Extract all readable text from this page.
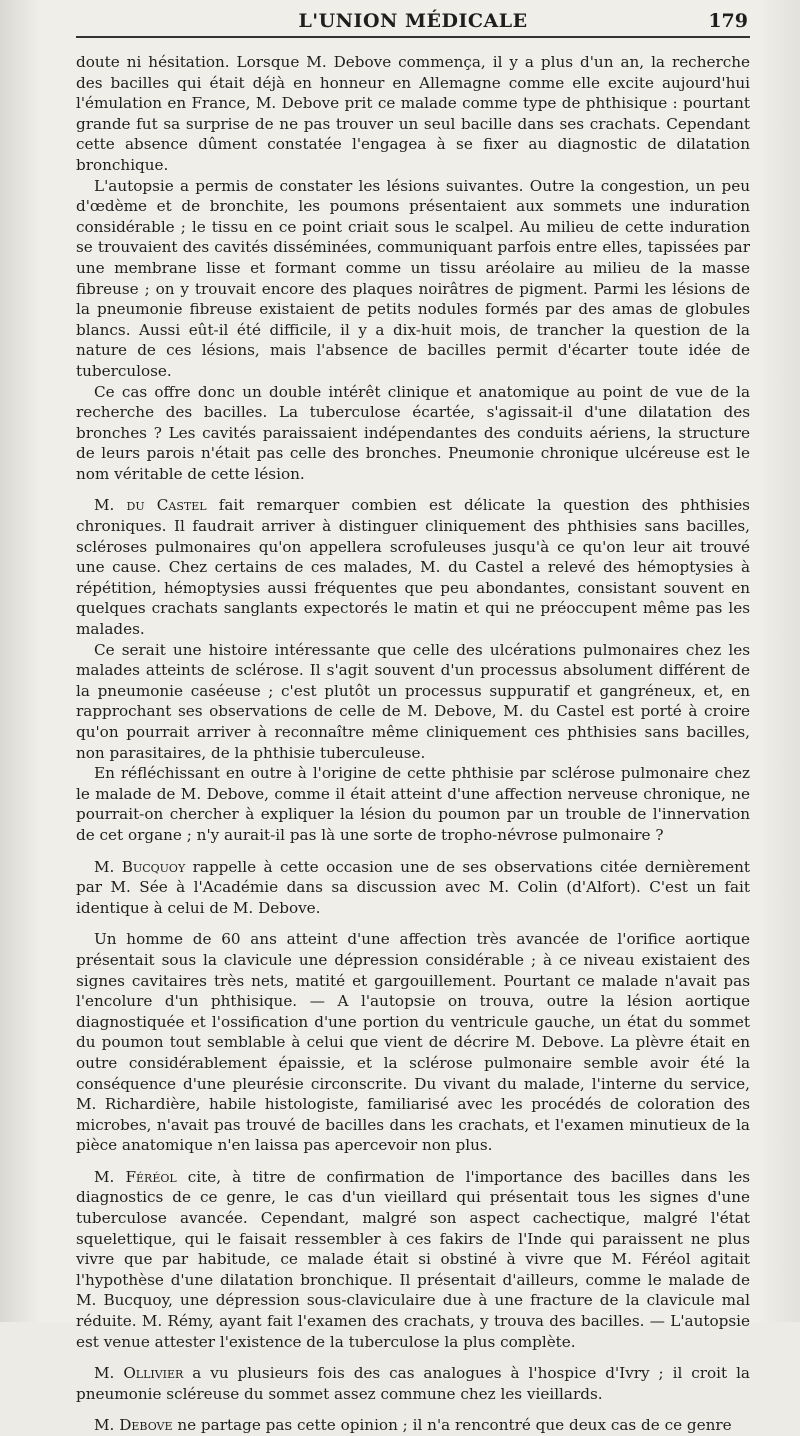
L'UNION MÉDICALE	179

doute ni hésitation. Lorsque M. Debove commença, il y a plus d'un an, la recherche des bacilles qui était déjà en honneur en Allemagne comme elle excite aujourd'hui l'émulation en France, M. Debove prit ce malade comme type de phthisique : pourtant grande fut sa surprise de ne pas trouver un seul bacille dans ses crachats. Cependant cette absence dûment constatée l'engagea à se fixer au diagnostic de dilatation bronchique.

L'autopsie a permis de constater les lésions suivantes. Outre la congestion, un peu d'œdème et de bronchite, les poumons présentaient aux sommets une induration considérable ; le tissu en ce point criait sous le scalpel. Au milieu de cette induration se trouvaient des cavités disséminées, communiquant parfois entre elles, tapissées par une membrane lisse et formant comme un tissu aréolaire au milieu de la masse fibreuse ; on y trouvait encore des plaques noirâtres de pigment. Parmi les lésions de la pneumonie fibreuse existaient de petits nodules formés par des amas de globules blancs. Aussi eût-il été difficile, il y a dix-huit mois, de trancher la question de la nature de ces lésions, mais l'absence de bacilles permit d'écarter toute idée de tuberculose.

Ce cas offre donc un double intérêt clinique et anatomique au point de vue de la recherche des bacilles. La tuberculose écartée, s'agissait-il d'une dilatation des bronches ? Les cavités paraissaient indépendantes des conduits aériens, la structure de leurs parois n'était pas celle des bronches. Pneumonie chronique ulcéreuse est le nom véritable de cette lésion.

M. du Castel fait remarquer combien est délicate la question des phthisies chroniques. Il faudrait arriver à distinguer cliniquement des phthisies sans bacilles, scléroses pulmonaires qu'on appellera scrofuleuses jusqu'à ce qu'on leur ait trouvé une cause. Chez certains de ces malades, M. du Castel a relevé des hémoptysies à répétition, hémoptysies aussi fréquentes que peu abondantes, consistant souvent en quelques crachats sanglants expectorés le matin et qui ne préoccupent même pas les malades.

Ce serait une histoire intéressante que celle des ulcérations pulmonaires chez les malades atteints de sclérose. Il s'agit souvent d'un processus absolument différent de la pneumonie caséeuse ; c'est plutôt un processus suppuratif et gangréneux, et, en rapprochant ses observations de celle de M. Debove, M. du Castel est porté à croire qu'on pourrait arriver à reconnaître même cliniquement ces phthisies sans bacilles, non parasitaires, de la phthisie tuberculeuse.

En réfléchissant en outre à l'origine de cette phthisie par sclérose pulmonaire chez le malade de M. Debove, comme il était atteint d'une affection nerveuse chronique, ne pourrait-on chercher à expliquer la lésion du poumon par un trouble de l'innervation de cet organe ; n'y aurait-il pas là une sorte de tropho-névrose pulmonaire ?

M. Bucquoy rappelle à cette occasion une de ses observations citée dernièrement par M. Sée à l'Académie dans sa discussion avec M. Colin (d'Alfort). C'est un fait identique à celui de M. Debove.

Un homme de 60 ans atteint d'une affection très avancée de l'orifice aortique présentait sous la clavicule une dépression considérable ; à ce niveau existaient des signes cavitaires très nets, matité et gargouillement. Pourtant ce malade n'avait pas l'encolure d'un phthisique. — A l'autopsie on trouva, outre la lésion aortique diagnostiquée et l'ossification d'une portion du ventricule gauche, un état du sommet du poumon tout semblable à celui que vient de décrire M. Debove. La plèvre était en outre considérablement épaissie, et la sclérose pulmonaire semble avoir été la conséquence d'une pleurésie circonscrite. Du vivant du malade, l'interne du service, M. Richardière, habile histologiste, familiarisé avec les procédés de coloration des microbes, n'avait pas trouvé de bacilles dans les crachats, et l'examen minutieux de la pièce anatomique n'en laissa pas apercevoir non plus.

M. Féréol cite, à titre de confirmation de l'importance des bacilles dans les diagnostics de ce genre, le cas d'un vieillard qui présentait tous les signes d'une tuberculose avancée. Cependant, malgré son aspect cachectique, malgré l'état squelettique, qui le faisait ressembler à ces fakirs de l'Inde qui paraissent ne plus vivre que par habitude, ce malade était si obstiné à vivre que M. Féréol agitait l'hypothèse d'une dilatation bronchique. Il présentait d'ailleurs, comme le malade de M. Bucquoy, une dépression sous-claviculaire due à une fracture de la clavicule mal réduite. M. Rémy, ayant fait l'examen des crachats, y trouva des bacilles. — L'autopsie est venue attester l'existence de la tuberculose la plus complète.

M. Ollivier a vu plusieurs fois des cas analogues à l'hospice d'Ivry ; il croit la pneumonie scléreuse du sommet assez commune chez les vieillards.

M. Debove ne partage pas cette opinion ; il n'a rencontré que deux cas de ce genre
